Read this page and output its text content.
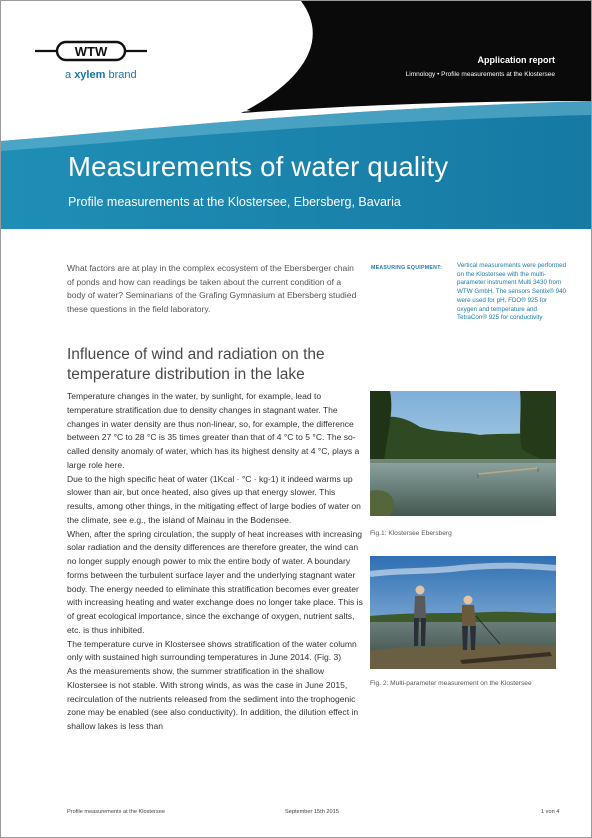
WTW
a xylem brand
Application report
Limnology • Profile measurements at the Klostersee
Measurements of water quality
Profile measurements at the Klostersee, Ebersberg, Bavaria

What factors are at play in the complex ecosystem of the Ebersberger chain of ponds and how can readings be taken about the current condition of a body of water? Seminarians of the Grafing Gymnasium at Ebersberg studied these questions in the field laboratory.

Influence of wind and radiation on the temperature distribution in the lake
Temperature changes in the water, by sunlight, for example, lead to temperature stratification due to density changes in stagnant water. The changes in water density are thus non-linear, so, for example, the difference between 27 °C to 28 °C is 35 times greater than that of 4 °C to 5 °C. The so-called density anomaly of water, which has its highest density at 4 °C, plays a large role here.
Due to the high specific heat of water (1Kcal · °C · kg-1) it indeed warms up slower than air, but once heated, also gives up that energy slower. This results, among other things, in the mitigating effect of large bodies of water on the climate, see e.g., the island of Mainau in the Bodensee.
When, after the spring circulation, the supply of heat increases with increasing solar radiation and the density differences are therefore greater, the wind can no longer supply enough power to mix the entire body of water. A boundary forms between the turbulent surface layer and the underlying stagnant water body. The energy needed to eliminate this stratification becomes ever greater with increasing heating and water exchange does no longer take place. This is of great ecological importance, since the exchange of oxygen, nutrient salts, etc. is thus inhibited.
The temperature curve in Klostersee shows stratification of the water column only with sustained high surrounding temperatures in June 2014. (Fig. 3)
As the measurements show, the summer stratification in the shallow Klostersee is not stable. With strong winds, as was the case in June 2015, recirculation of the nutrients released from the sediment into the trophogenic zone may be enabled (see also conductivity). In addition, the dilution effect in shallow lakes is less than
MEASURING EQUIPMENT: Vertical measurements were performed on the Klostersee with the multi-parameter instrument Multi 3430 from WTW GmbH. The sensors Sentix® 940 were used for pH, FDO® 925 for oxygen and temperature and TetraCon® 925 for conductivity

Fig.1: Klostersee Ebersberg

Fig. 2: Multi-parameter measurement on the Klostersee

Profile measurements at the Klostersee	September 15th 2015	1 von 4
